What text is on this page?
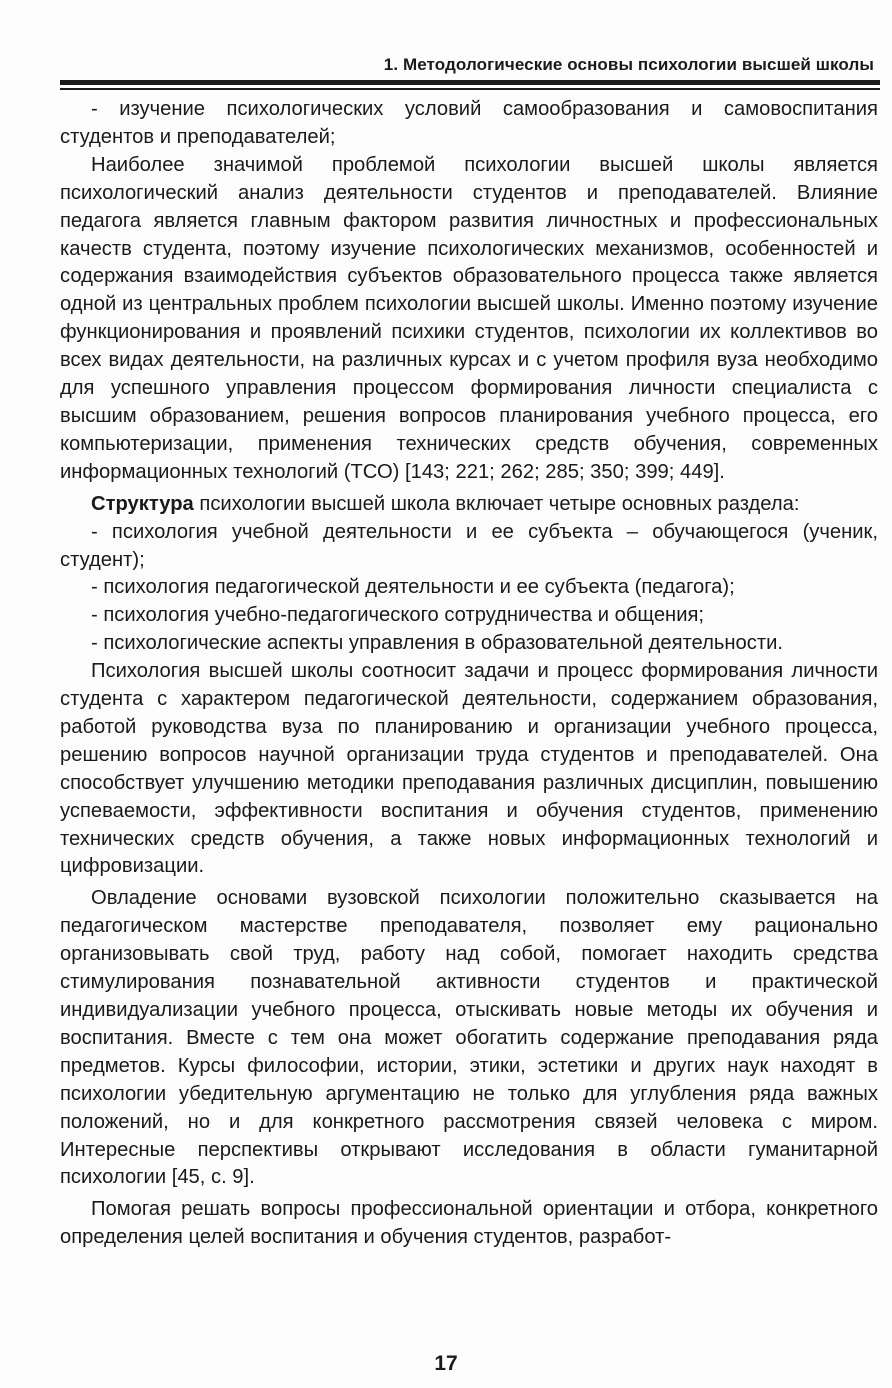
1. Методологические основы психологии высшей школы

- изучение психологических условий самообразования и самовоспитания студентов и преподавателей;

Наиболее значимой проблемой психологии высшей школы является психологический анализ деятельности студентов и преподавателей. Влияние педагога является главным фактором развития личностных и профессиональных качеств студента, поэтому изучение психологических механизмов, особенностей и содержания взаимодействия субъектов образовательного процесса также является одной из центральных проблем психологии высшей школы. Именно поэтому изучение функционирования и проявлений психики студентов, психологии их коллективов во всех видах деятельности, на различных курсах и с учетом профиля вуза необходимо для успешного управления процессом формирования личности специалиста с высшим образованием, решения вопросов планирования учебного процесса, его компьютеризации, применения технических средств обучения, современных информационных технологий (ТСО) [143; 221; 262; 285; 350; 399; 449].

Структура психологии высшей школа включает четыре основных раздела:

- психология учебной деятельности и ее субъекта – обучающегося (ученик, студент);

- психология педагогической деятельности и ее субъекта (педагога);

- психология учебно-педагогического сотрудничества и общения;

- психологические аспекты управления в образовательной деятельности.

Психология высшей школы соотносит задачи и процесс формирования личности студента с характером педагогической деятельности, содержанием образования, работой руководства вуза по планированию и организации учебного процесса, решению вопросов научной организации труда студентов и преподавателей. Она способствует улучшению методики преподавания различных дисциплин, повышению успеваемости, эффективности воспитания и обучения студентов, применению технических средств обучения, а также новых информационных технологий и цифровизации.

Овладение основами вузовской психологии положительно сказывается на педагогическом мастерстве преподавателя, позволяет ему рационально организовывать свой труд, работу над собой, помогает находить средства стимулирования познавательной активности студентов и практической индивидуализации учебного процесса, отыскивать новые методы их обучения и воспитания. Вместе с тем она может обогатить содержание преподавания ряда предметов. Курсы философии, истории, этики, эстетики и других наук находят в психологии убедительную аргументацию не только для углубления ряда важных положений, но и для конкретного рассмотрения связей человека с миром. Интересные перспективы открывают исследования в области гуманитарной психологии [45, с. 9].

Помогая решать вопросы профессиональной ориентации и отбора, конкретного определения целей воспитания и обучения студентов, разработ-

17
